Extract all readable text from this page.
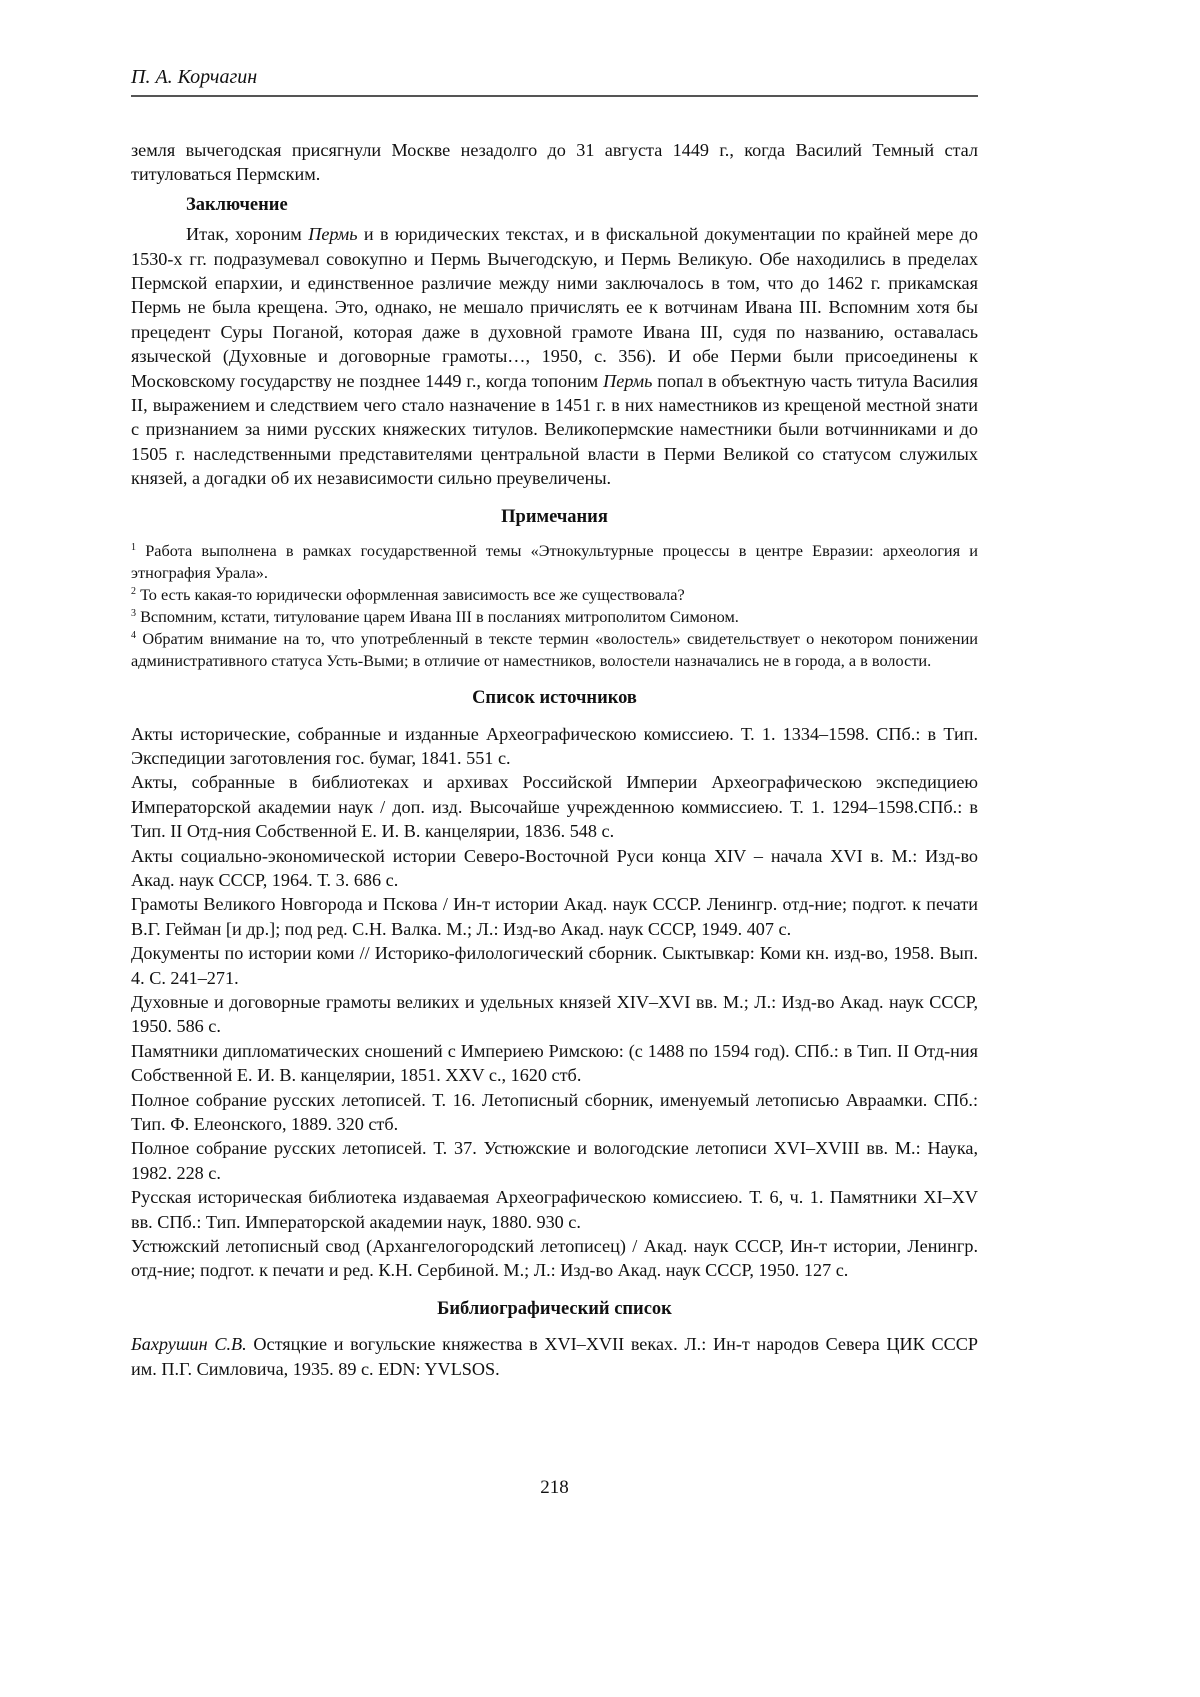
П. А. Корчагин

земля вычегодская присягнули Москве незадолго до 31 августа 1449 г., когда Василий Темный стал титуловаться Пермским.

Заключение

Итак, хороним Пермь и в юридических текстах, и в фискальной документации по крайней мере до 1530-х гг. подразумевал совокупно и Пермь Вычегодскую, и Пермь Великую. Обе находились в пределах Пермской епархии, и единственное различие между ними заключалось в том, что до 1462 г. прикамская Пермь не была крещена. Это, однако, не мешало причислять ее к вотчинам Ивана III. Вспомним хотя бы прецедент Суры Поганой, которая даже в духовной грамоте Ивана III, судя по названию, оставалась языческой (Духовные и договорные грамоты…, 1950, с. 356). И обе Перми были присоединены к Московскому государству не позднее 1449 г., когда топоним Пермь попал в объектную часть титула Василия II, выражением и следствием чего стало назначение в 1451 г. в них наместников из крещеной местной знати с признанием за ними русских княжеских титулов. Великопермские наместники были вотчинниками и до 1505 г. наследственными представителями центральной власти в Перми Великой со статусом служилых князей, а догадки об их независимости сильно преувеличены.

Примечания

$^1$ Работа выполнена в рамках государственной темы «Этнокультурные процессы в центре Евразии: археология и этнография Урала».

$^2$ То есть какая-то юридически оформленная зависимость все же существовала?

$^3$ Вспомним, кстати, титулование царем Ивана III в посланиях митрополитом Симоном.

$^4$ Обратим внимание на то, что употребленный в тексте термин «волостель» свидетельствует о некотором понижении административного статуса Усть-Выми; в отличие от наместников, волостели назначались не в города, а в волости.

Список источников

Акты исторические, собранные и изданные Археографическою комиссиею. Т. 1. 1334–1598. СПб.: в Тип. Экспедиции заготовления гос. бумаг, 1841. 551 с.

Акты, собранные в библиотеках и архивах Российской Империи Археографическою экспедициею Императорской академии наук / доп. изд. Высочайше учрежденною коммиссиею. Т. 1. 1294–1598.СПб.: в Тип. II Отд-ния Собственной Е. И. В. канцелярии, 1836. 548 с.

Акты социально-экономической истории Северо-Восточной Руси конца XIV – начала XVI в. М.: Изд-во Акад. наук СССР, 1964. Т. 3. 686 с.

Грамоты Великого Новгорода и Пскова / Ин-т истории Акад. наук СССР. Ленингр. отд-ние; подгот. к печати В.Г. Гейман [и др.]; под ред. С.Н. Валка. М.; Л.: Изд-во Акад. наук СССР, 1949. 407 с.

Документы по истории коми // Историко-филологический сборник. Сыктывкар: Коми кн. изд-во, 1958. Вып. 4. С. 241–271.

Духовные и договорные грамоты великих и удельных князей XIV–XVI вв. М.; Л.: Изд-во Акад. наук СССР, 1950. 586 с.

Памятники дипломатических сношений с Империею Римскою: (с 1488 по 1594 год). СПб.: в Тип. II Отд-ния Собственной Е. И. В. канцелярии, 1851. XXV с., 1620 стб.

Полное собрание русских летописей. Т. 16. Летописный сборник, именуемый летописью Авраамки. СПб.: Тип. Ф. Елеонского, 1889. 320 стб.

Полное собрание русских летописей. Т. 37. Устюжские и вологодские летописи XVI–XVIII вв. М.: Наука, 1982. 228 с.

Русская историческая библиотека издаваемая Археографическою комиссиею. Т. 6, ч. 1. Памятники XI–XV вв. СПб.: Тип. Императорской академии наук, 1880. 930 с.

Устюжский летописный свод (Архангелогородский летописец) / Акад. наук СССР, Ин-т истории, Ленингр. отд-ние; подгот. к печати и ред. К.Н. Сербиной. М.; Л.: Изд-во Акад. наук СССР, 1950. 127 с.

Библиографический список

Бахрушин С.В. Остяцкие и вогульские княжества в XVI–XVII веках. Л.: Ин-т народов Севера ЦИК СССР им. П.Г. Симловича, 1935. 89 с. EDN: YVLSOS.

218
